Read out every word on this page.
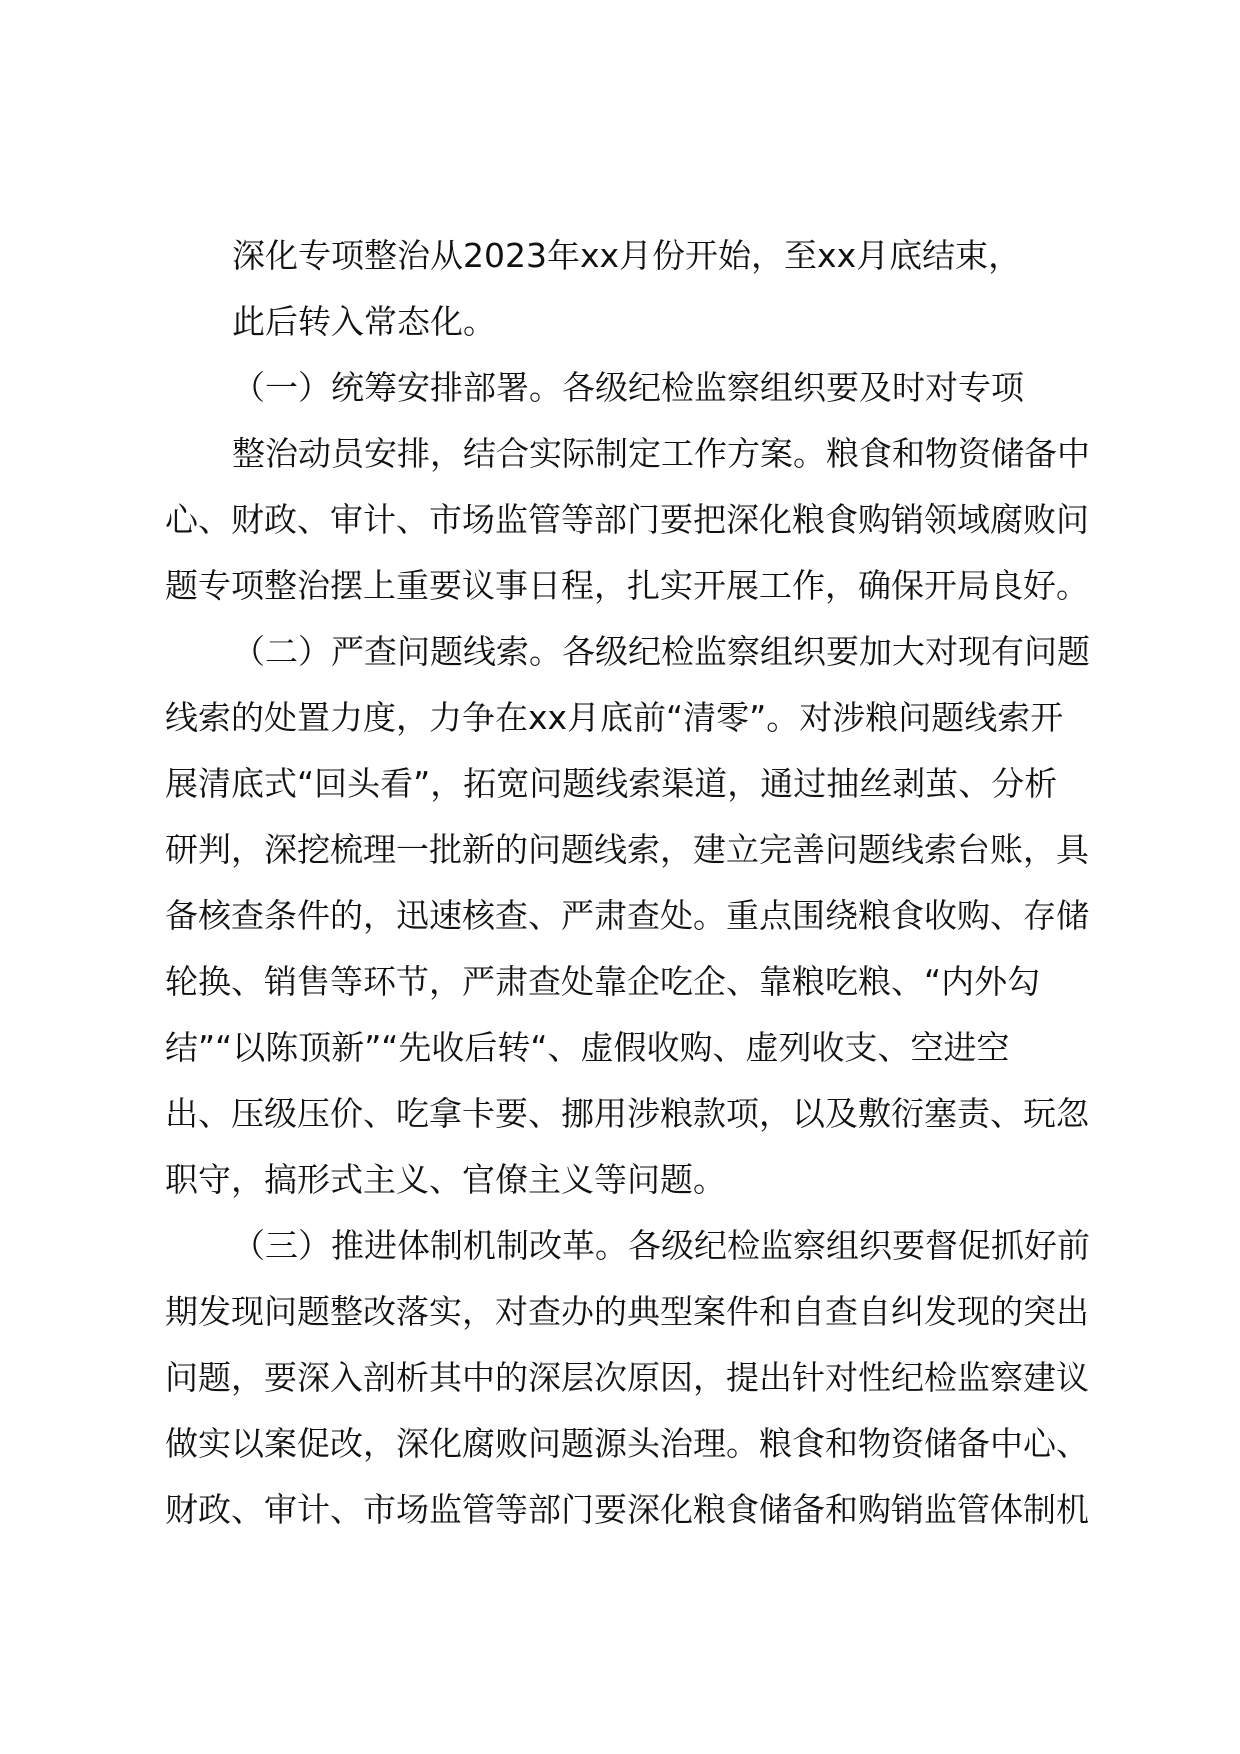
深化专项整治从2023年xx月份开始，至xx月底结束，
此后转入常态化。
（一）统筹安排部署。各级纪检监察组织要及时对专项
整治动员安排，结合实际制定工作方案。粮食和物资储备中
心、财政、审计、市场监管等部门要把深化粮食购销领域腐败问
题专项整治摆上重要议事日程，扎实开展工作，确保开局良好。
（二）严查问题线索。各级纪检监察组织要加大对现有问题
线索的处置力度，力争在xx月底前“清零”。对涉粮问题线索开
展清底式“回头看”，拓宽问题线索渠道，通过抽丝剥茧、分析
研判，深挖梳理一批新的问题线索，建立完善问题线索台账，具
备核查条件的，迅速核查、严肃查处。重点围绕粮食收购、存储
轮换、销售等环节，严肃查处靠企吃企、靠粮吃粮、“内外勾
结”“以陈顶新”“先收后转“、虚假收购、虚列收支、空进空
出、压级压价、吃拿卡要、挪用涉粮款项，以及敷衍塞责、玩忽
职守，搞形式主义、官僚主义等问题。
（三）推进体制机制改革。各级纪检监察组织要督促抓好前
期发现问题整改落实，对查办的典型案件和自查自纠发现的突出
问题，要深入剖析其中的深层次原因，提出针对性纪检监察建议
做实以案促改，深化腐败问题源头治理。粮食和物资储备中心、
财政、审计、市场监管等部门要深化粮食储备和购销监管体制机
